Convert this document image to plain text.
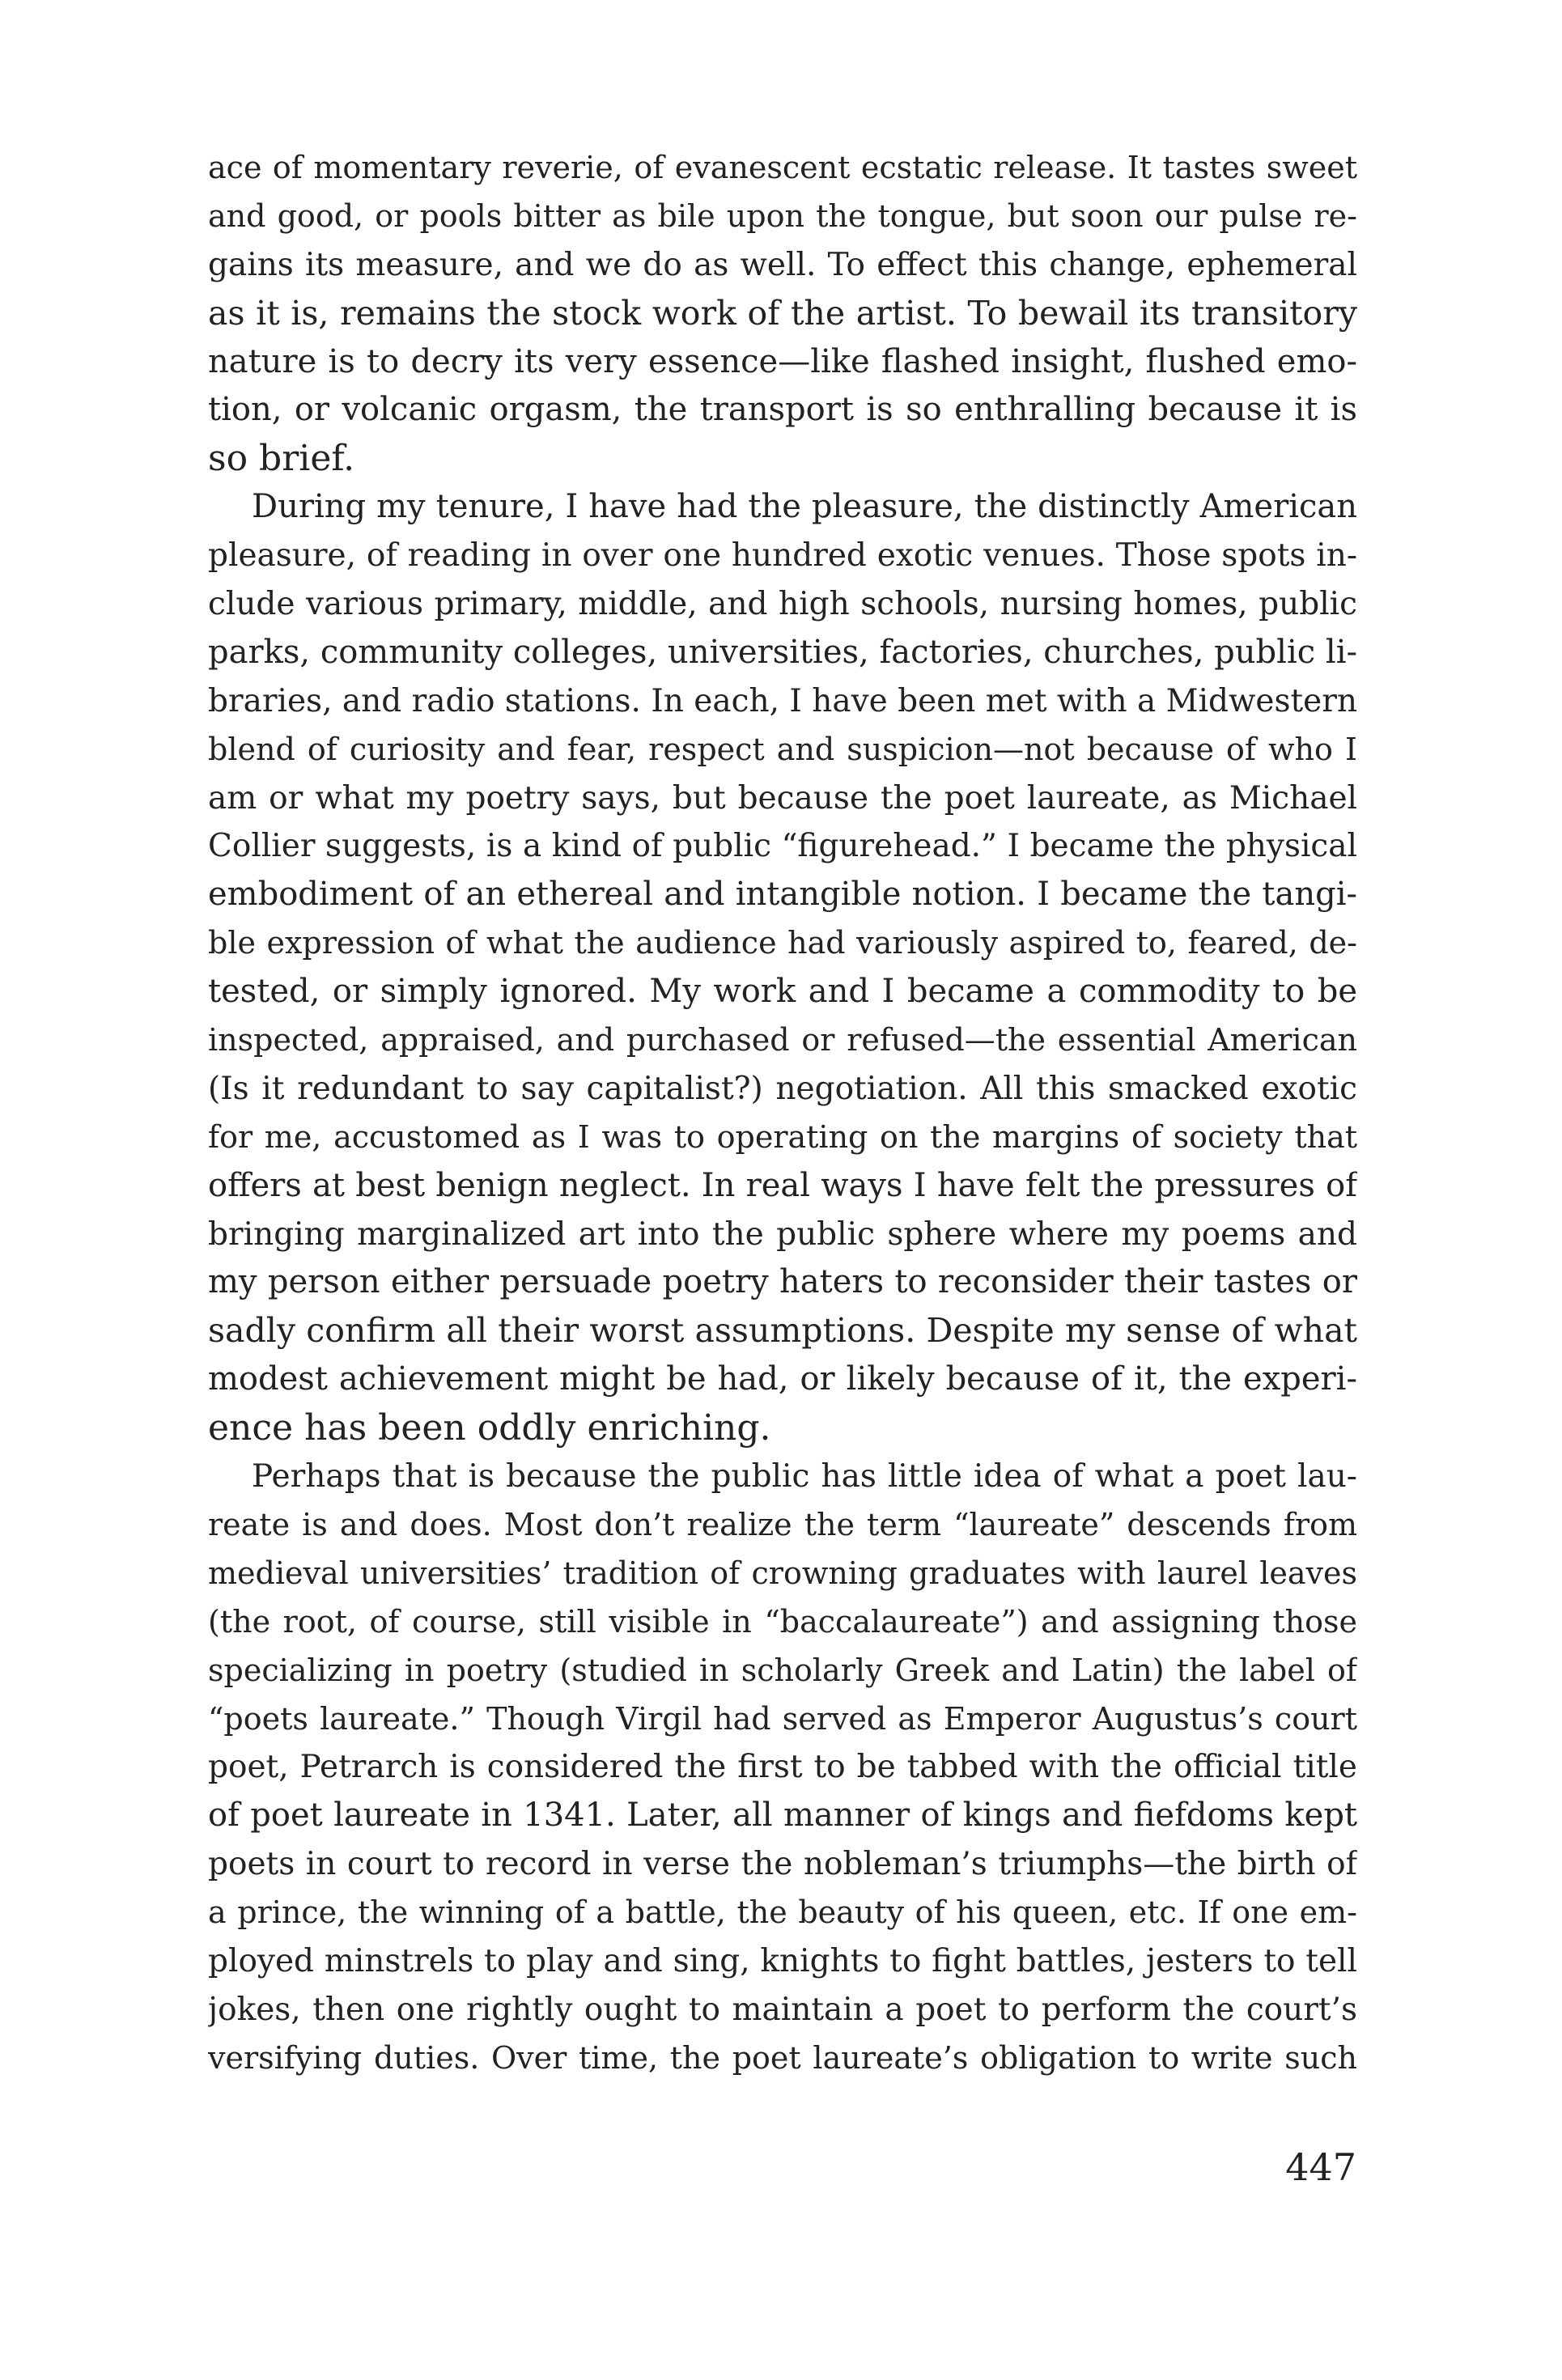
ace of momentary reverie, of evanescent ecstatic release. It tastes sweet
and good, or pools bitter as bile upon the tongue, but soon our pulse re-
gains its measure, and we do as well. To effect this change, ephemeral
as it is, remains the stock work of the artist. To bewail its transitory
nature is to decry its very essence—like flashed insight, flushed emo-
tion, or volcanic orgasm, the transport is so enthralling because it is
so brief.
During my tenure, I have had the pleasure, the distinctly American
pleasure, of reading in over one hundred exotic venues. Those spots in-
clude various primary, middle, and high schools, nursing homes, public
parks, community colleges, universities, factories, churches, public li-
braries, and radio stations. In each, I have been met with a Midwestern
blend of curiosity and fear, respect and suspicion—not because of who I
am or what my poetry says, but because the poet laureate, as Michael
Collier suggests, is a kind of public “figurehead.” I became the physical
embodiment of an ethereal and intangible notion. I became the tangi-
ble expression of what the audience had variously aspired to, feared, de-
tested, or simply ignored. My work and I became a commodity to be
inspected, appraised, and purchased or refused—the essential American
(Is it redundant to say capitalist?) negotiation. All this smacked exotic
for me, accustomed as I was to operating on the margins of society that
offers at best benign neglect. In real ways I have felt the pressures of
bringing marginalized art into the public sphere where my poems and
my person either persuade poetry haters to reconsider their tastes or
sadly confirm all their worst assumptions. Despite my sense of what
modest achievement might be had, or likely because of it, the experi-
ence has been oddly enriching.
Perhaps that is because the public has little idea of what a poet lau-
reate is and does. Most don’t realize the term “laureate” descends from
medieval universities’ tradition of crowning graduates with laurel leaves
(the root, of course, still visible in “baccalaureate”) and assigning those
specializing in poetry (studied in scholarly Greek and Latin) the label of
“poets laureate.” Though Virgil had served as Emperor Augustus’s court
poet, Petrarch is considered the first to be tabbed with the official title
of poet laureate in 1341. Later, all manner of kings and fiefdoms kept
poets in court to record in verse the nobleman’s triumphs—the birth of
a prince, the winning of a battle, the beauty of his queen, etc. If one em-
ployed minstrels to play and sing, knights to fight battles, jesters to tell
jokes, then one rightly ought to maintain a poet to perform the court’s
versifying duties. Over time, the poet laureate’s obligation to write such
447
